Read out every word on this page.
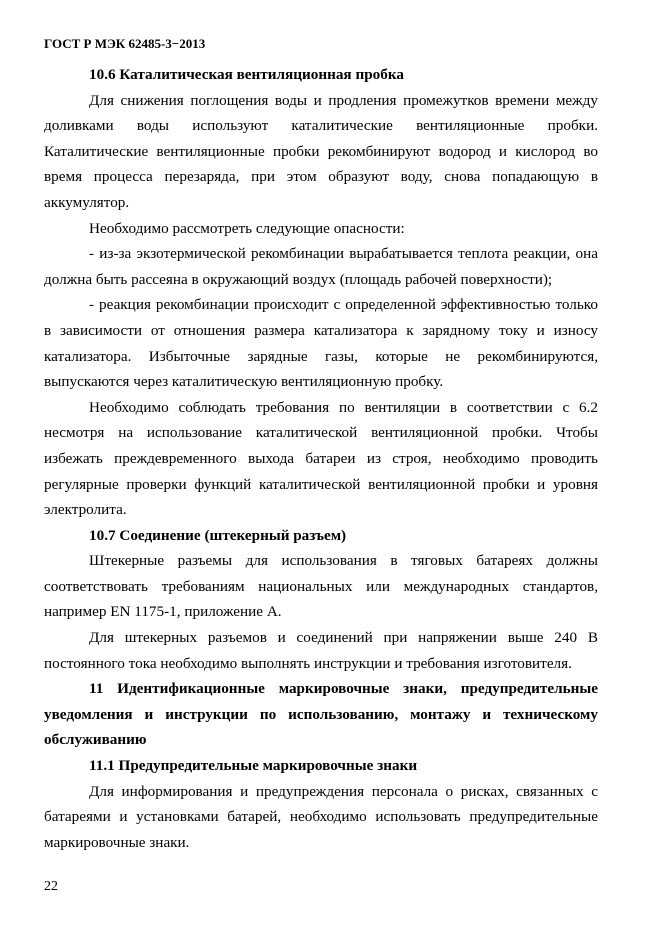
ГОСТ Р МЭК 62485-3−2013
10.6 Каталитическая вентиляционная пробка
Для снижения поглощения воды и продления промежутков времени между доливками воды используют каталитические вентиляционные пробки. Каталитические вентиляционные пробки рекомбинируют водород и кислород во время процесса перезаряда, при этом образуют воду, снова попадающую в аккумулятор.
Необходимо рассмотреть следующие опасности:
- из-за экзотермической рекомбинации вырабатывается теплота реакции, она должна быть рассеяна в окружающий воздух (площадь рабочей поверхности);
- реакция рекомбинации происходит с определенной эффективностью только в зависимости от отношения размера катализатора к зарядному току и износу катализатора. Избыточные зарядные газы, которые не рекомбинируются, выпускаются через каталитическую вентиляционную пробку.
Необходимо соблюдать требования по вентиляции в соответствии с 6.2 несмотря на использование каталитической вентиляционной пробки. Чтобы избежать преждевременного выхода батареи из строя, необходимо проводить регулярные проверки функций каталитической вентиляционной пробки и уровня электролита.
10.7 Соединение (штекерный разъем)
Штекерные разъемы для использования в тяговых батареях должны соответствовать требованиям национальных или международных стандартов, например EN 1175-1, приложение А.
Для штекерных разъемов и соединений при напряжении выше 240 В постоянного тока необходимо выполнять инструкции и требования изготовителя.
11 Идентификационные маркировочные знаки, предупредительные уведомления и инструкции по использованию, монтажу и техническому обслуживанию
11.1 Предупредительные маркировочные знаки
Для информирования и предупреждения персонала о рисках, связанных с батареями и установками батарей, необходимо использовать предупредительные маркировочные знаки.
22
